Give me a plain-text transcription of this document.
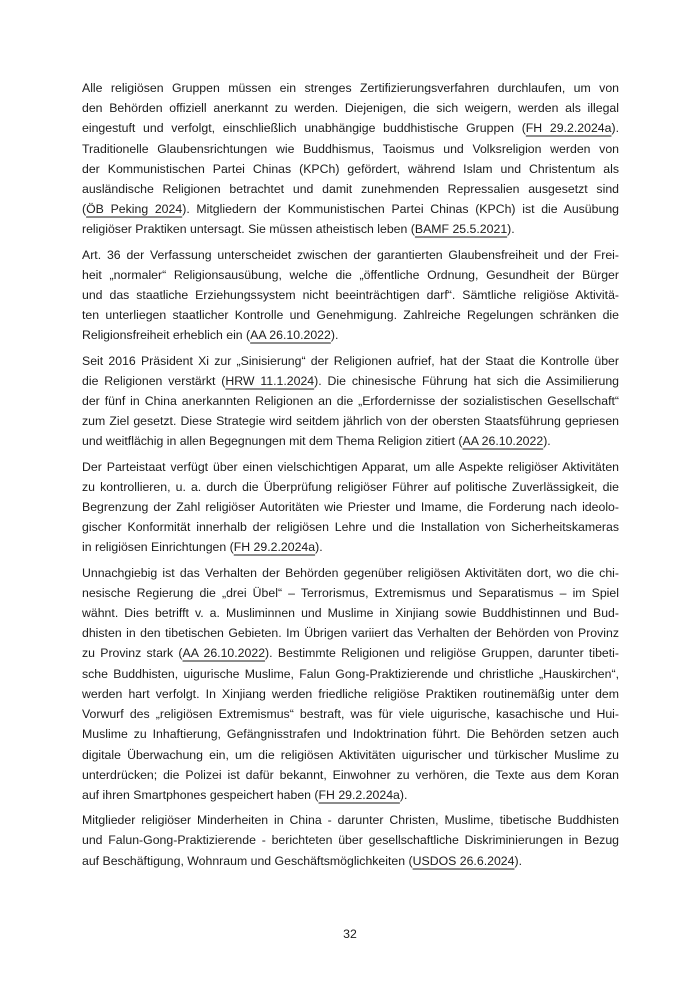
Alle religiösen Gruppen müssen ein strenges Zertifizierungsverfahren durchlaufen, um von
den Behörden offiziell anerkannt zu werden. Diejenigen, die sich weigern, werden als illegal
eingestuft und verfolgt, einschließlich unabhängige buddhistische Gruppen (FH 29.2.2024a).
Traditionelle Glaubensrichtungen wie Buddhismus, Taoismus und Volksreligion werden von
der Kommunistischen Partei Chinas (KPCh) gefördert, während Islam und Christentum als
ausländische Religionen betrachtet und damit zunehmenden Repressalien ausgesetzt sind
(ÖB Peking 2024). Mitgliedern der Kommunistischen Partei Chinas (KPCh) ist die Ausübung
religiöser Praktiken untersagt. Sie müssen atheistisch leben (BAMF 25.5.2021).

Art. 36 der Verfassung unterscheidet zwischen der garantierten Glaubensfreiheit und der Frei-
heit „normaler“ Religionsausübung, welche die „öffentliche Ordnung, Gesundheit der Bürger
und das staatliche Erziehungssystem nicht beeinträchtigen darf“. Sämtliche religiöse Aktivitä-
ten unterliegen staatlicher Kontrolle und Genehmigung. Zahlreiche Regelungen schränken die
Religionsfreiheit erheblich ein (AA 26.10.2022).

Seit 2016 Präsident Xi zur „Sinisierung“ der Religionen aufrief, hat der Staat die Kontrolle über
die Religionen verstärkt (HRW 11.1.2024). Die chinesische Führung hat sich die Assimilierung
der fünf in China anerkannten Religionen an die „Erfordernisse der sozialistischen Gesellschaft“
zum Ziel gesetzt. Diese Strategie wird seitdem jährlich von der obersten Staatsführung gepriesen
und weitflächig in allen Begegnungen mit dem Thema Religion zitiert (AA 26.10.2022).

Der Parteistaat verfügt über einen vielschichtigen Apparat, um alle Aspekte religiöser Aktivitäten
zu kontrollieren, u. a. durch die Überprüfung religiöser Führer auf politische Zuverlässigkeit, die
Begrenzung der Zahl religiöser Autoritäten wie Priester und Imame, die Forderung nach ideolo-
gischer Konformität innerhalb der religiösen Lehre und die Installation von Sicherheitskameras
in religiösen Einrichtungen (FH 29.2.2024a).

Unnachgiebig ist das Verhalten der Behörden gegenüber religiösen Aktivitäten dort, wo die chi-
nesische Regierung die „drei Übel“ – Terrorismus, Extremismus und Separatismus – im Spiel
wähnt. Dies betrifft v. a. Musliminnen und Muslime in Xinjiang sowie Buddhistinnen und Bud-
dhisten in den tibetischen Gebieten. Im Übrigen variiert das Verhalten der Behörden von Provinz
zu Provinz stark (AA 26.10.2022). Bestimmte Religionen und religiöse Gruppen, darunter tibeti-
sche Buddhisten, uigurische Muslime, Falun Gong-Praktizierende und christliche „Hauskirchen“,
werden hart verfolgt. In Xinjiang werden friedliche religiöse Praktiken routinemäßig unter dem
Vorwurf des „religiösen Extremismus“ bestraft, was für viele uigurische, kasachische und Hui-
Muslime zu Inhaftierung, Gefängnisstrafen und Indoktrination führt. Die Behörden setzen auch
digitale Überwachung ein, um die religiösen Aktivitäten uigurischer und türkischer Muslime zu
unterdrücken; die Polizei ist dafür bekannt, Einwohner zu verhören, die Texte aus dem Koran
auf ihren Smartphones gespeichert haben (FH 29.2.2024a).

Mitglieder religiöser Minderheiten in China - darunter Christen, Muslime, tibetische Buddhisten
und Falun-Gong-Praktizierende - berichteten über gesellschaftliche Diskriminierungen in Bezug
auf Beschäftigung, Wohnraum und Geschäftsmöglichkeiten (USDOS 26.6.2024).

32
